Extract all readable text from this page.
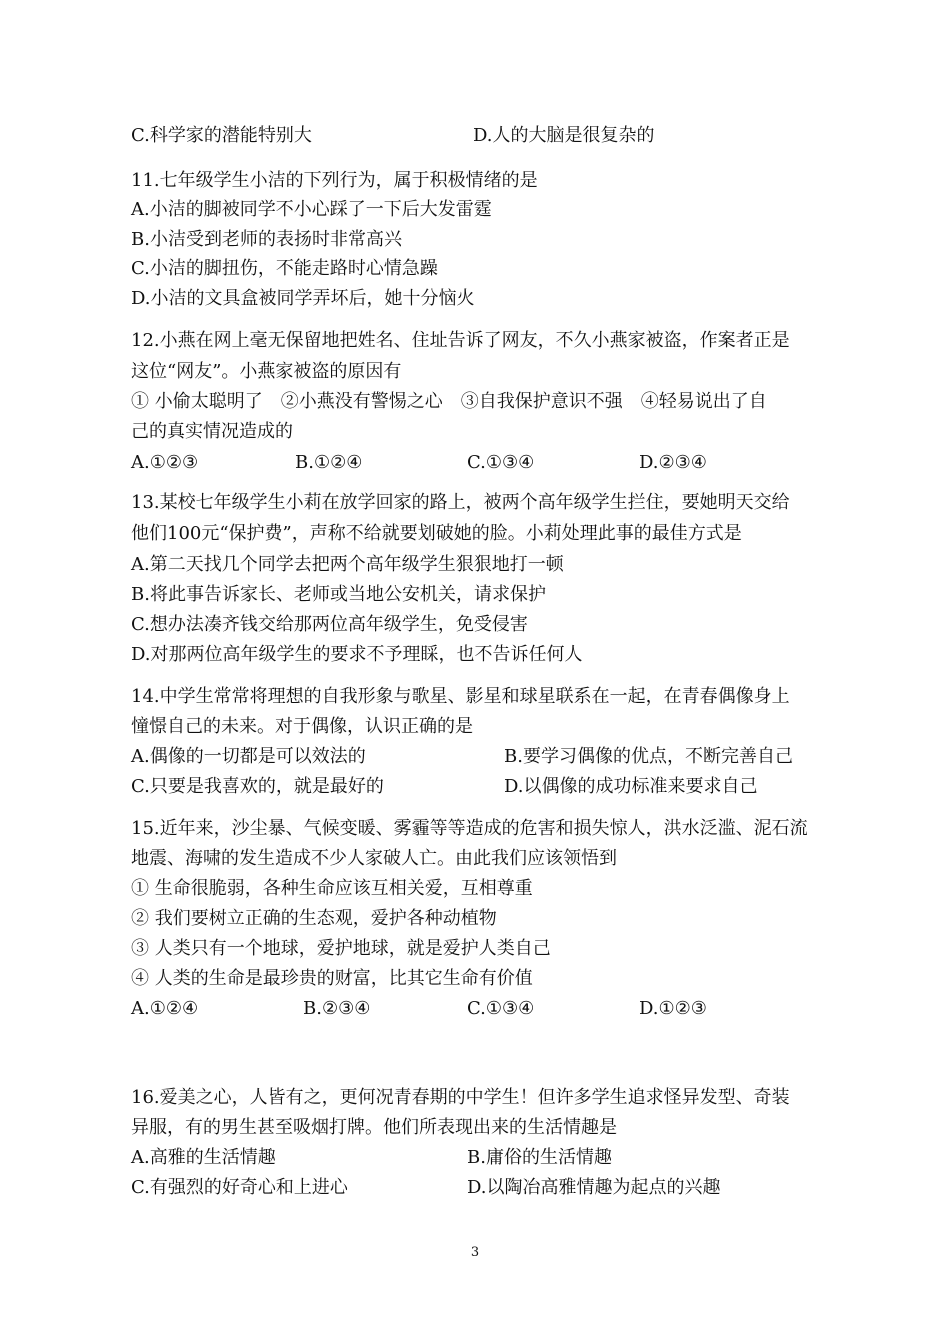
C.科学家的潜能特别大	D.人的大脑是很复杂的
11.七年级学生小洁的下列行为，属于积极情绪的是
A.小洁的脚被同学不小心踩了一下后大发雷霆
B.小洁受到老师的表扬时非常高兴
C.小洁的脚扭伤，不能走路时心情急躁
D.小洁的文具盒被同学弄坏后，她十分恼火
12.小燕在网上毫无保留地把姓名、住址告诉了网友，不久小燕家被盗，作案者正是
这位“网友”。小燕家被盗的原因有
① 小偷太聪明了　②小燕没有警惕之心　③自我保护意识不强　④轻易说出了自
己的真实情况造成的
A.①②③	B.①②④	C.①③④	D.②③④
13.某校七年级学生小莉在放学回家的路上，被两个高年级学生拦住，要她明天交给
他们100元“保护费”，声称不给就要划破她的脸。小莉处理此事的最佳方式是
A.第二天找几个同学去把两个高年级学生狠狠地打一顿
B.将此事告诉家长、老师或当地公安机关，请求保护
C.想办法凑齐钱交给那两位高年级学生，免受侵害
D.对那两位高年级学生的要求不予理睬，也不告诉任何人
14.中学生常常将理想的自我形象与歌星、影星和球星联系在一起，在青春偶像身上
憧憬自己的未来。对于偶像，认识正确的是
A.偶像的一切都是可以效法的	B.要学习偶像的优点，不断完善自己
C.只要是我喜欢的，就是最好的	D.以偶像的成功标准来要求自己
15.近年来，沙尘暴、气候变暖、雾霾等等造成的危害和损失惊人，洪水泛滥、泥石流
地震、海啸的发生造成不少人家破人亡。由此我们应该领悟到
① 生命很脆弱，各种生命应该互相关爱，互相尊重
② 我们要树立正确的生态观，爱护各种动植物
③ 人类只有一个地球，爱护地球，就是爱护人类自己
④ 人类的生命是最珍贵的财富，比其它生命有价值
A.①②④	B.②③④	C.①③④	D.①②③
16.爱美之心，人皆有之，更何况青春期的中学生！但许多学生追求怪异发型、奇装
异服，有的男生甚至吸烟打牌。他们所表现出来的生活情趣是
A.高雅的生活情趣	B.庸俗的生活情趣
C.有强烈的好奇心和上进心	D.以陶冶高雅情趣为起点的兴趣
3
